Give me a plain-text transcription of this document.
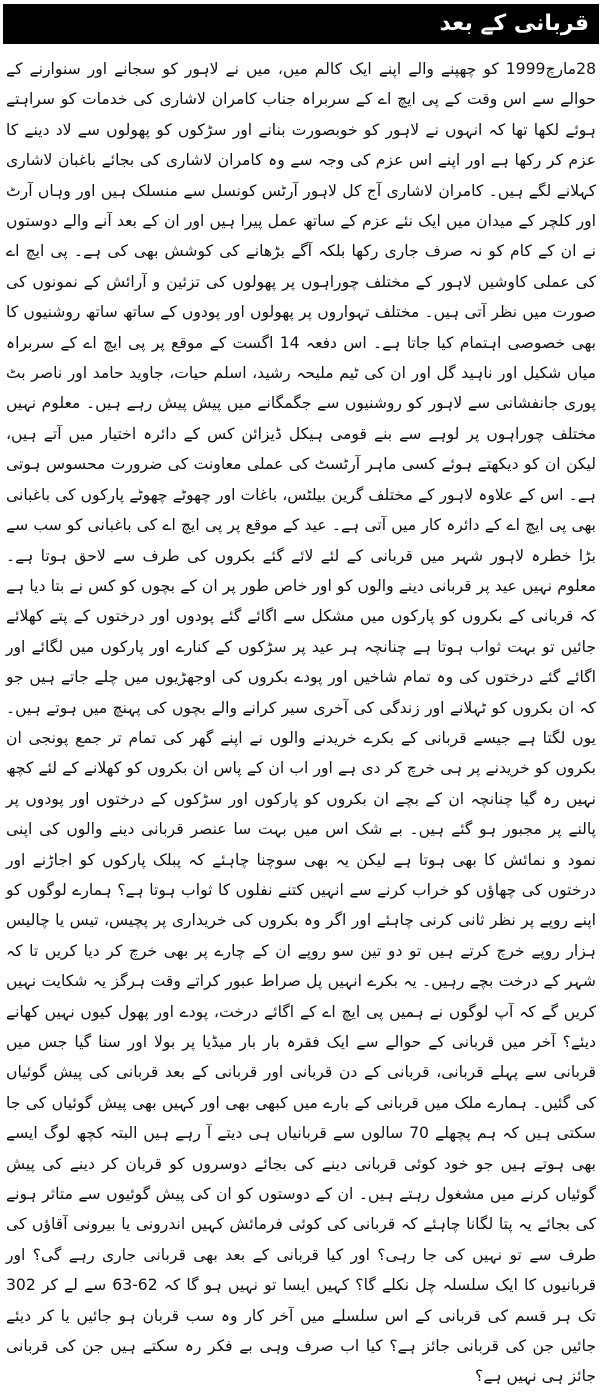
قربانی کے بعد

28مارچ1999 کو چھپنے والے اپنے ایک کالم میں، میں نے لاہور کو سجانے اور سنوارنے کے حوالے سے اس وقت کے پی ایچ اے کے سربراہ جناب کامران لاشاری کی خدمات کو سراہتے ہوئے لکھا تھا کہ انہوں نے لاہور کو خوبصورت بنانے اور سڑکوں کو پھولوں سے لاد دینے کا عزم کر رکھا ہے اور اپنے اس عزم کی وجہ سے وہ کامران لاشاری کی بجائے باغبان لاشاری کہلانے لگے ہیں۔ کامران لاشاری آج کل لاہور آرٹس کونسل سے منسلک ہیں اور وہاں آرٹ اور کلچر کے میدان میں ایک نئے عزم کے ساتھ عمل پیرا ہیں اور ان کے بعد آنے والے دوستوں نے ان کے کام کو نہ صرف جاری رکھا بلکہ آگے بڑھانے کی کوشش بھی کی ہے۔ پی ایچ اے کی عملی کاوشیں لاہور کے مختلف چوراہوں پر پھولوں کی تزئین و آرائش کے نمونوں کی صورت میں نظر آتی ہیں۔ مختلف تہواروں پر پھولوں اور پودوں کے ساتھ ساتھ روشنیوں کا بھی خصوصی اہتمام کیا جاتا ہے۔ اس دفعہ 14 اگست کے موقع پر پی ایچ اے کے سربراہ میاں شکیل اور ناہید گل اور ان کی ٹیم ملیحہ رشید، اسلم حیات، جاوید حامد اور ناصر بٹ پوری جانفشانی سے لاہور کو روشنیوں سے جگمگانے میں پیش پیش رہے ہیں۔ معلوم نہیں مختلف چوراہوں پر لوہے سے بنے قومی ہیکل ڈیزائن کس کے دائرہ اختیار میں آتے ہیں، لیکن ان کو دیکھتے ہوئے کسی ماہر آرٹسٹ کی عملی معاونت کی ضرورت محسوس ہوتی ہے۔ اس کے علاوہ لاہور کے مختلف گرین بیلٹس، باغات اور چھوٹے چھوٹے پارکوں کی باغبانی بھی پی ایچ اے کے دائرہ کار میں آتی ہے۔ عید کے موقع پر پی ایچ اے کی باغبانی کو سب سے بڑا خطرہ لاہور شہر میں قربانی کے لئے لائے گئے بکروں کی طرف سے لاحق ہوتا ہے۔ معلوم نہیں عید پر قربانی دینے والوں کو اور خاص طور پر ان کے بچوں کو کس نے بتا دیا ہے کہ قربانی کے بکروں کو پارکوں میں مشکل سے اگائے گئے پودوں اور درختوں کے پتے کھلائے جائیں تو بہت ثواب ہوتا ہے چنانچہ ہر عید پر سڑکوں کے کنارے اور پارکوں میں لگائے اور اگائے گئے درختوں کی وہ تمام شاخیں اور پودے بکروں کی اوجھڑیوں میں چلے جاتے ہیں جو کہ ان بکروں کو ٹہلانے اور زندگی کی آخری سیر کرانے والے بچوں کی پہنچ میں ہوتے ہیں۔ یوں لگتا ہے جیسے قربانی کے بکرے خریدنے والوں نے اپنے گھر کی تمام تر جمع پونجی ان بکروں کو خریدنے پر ہی خرچ کر دی ہے اور اب ان کے پاس ان بکروں کو کھلانے کے لئے کچھ نہیں رہ گیا چنانچہ ان کے بچے ان بکروں کو پارکوں اور سڑکوں کے درختوں اور پودوں پر پالنے پر مجبور ہو گئے ہیں۔ بے شک اس میں بہت سا عنصر قربانی دینے والوں کی اپنی نمود و نمائش کا بھی ہوتا ہے لیکن یہ بھی سوچنا چاہئے کہ پبلک پارکوں کو اجاڑنے اور درختوں کی چھاؤں کو خراب کرنے سے انہیں کتنے نفلوں کا ثواب ہوتا ہے؟ ہمارے لوگوں کو اپنے روپے پر نظر ثانی کرنی چاہئے اور اگر وہ بکروں کی خریداری پر پچیس، تیس یا چالیس ہزار روپے خرچ کرتے ہیں تو دو تین سو روپے ان کے چارے پر بھی خرچ کر دیا کریں تا کہ شہر کے درخت بچے رہیں۔ یہ بکرے انہیں پل صراط عبور کراتے وقت ہرگز یہ شکایت نہیں کریں گے کہ آپ لوگوں نے ہمیں پی ایچ اے کے اگائے درخت، پودے اور پھول کیوں نہیں کھانے دیئے؟ آخر میں قربانی کے حوالے سے ایک فقرہ بار بار میڈیا پر بولا اور سنا گیا جس میں قربانی سے پہلے قربانی، قربانی کے دن قربانی اور قربانی کے بعد قربانی کی پیش گوئیاں کی گئیں۔ ہمارے ملک میں قربانی کے بارے میں کبھی بھی اور کہیں بھی پیش گوئیاں کی جا سکتی ہیں کہ ہم پچھلے 70 سالوں سے قربانیاں ہی دیتے آ رہے ہیں البتہ کچھ لوگ ایسے بھی ہوتے ہیں جو خود کوئی قربانی دینے کی بجائے دوسروں کو قربان کر دینے کی پیش گوئیاں کرنے میں مشغول رہتے ہیں۔ ان کے دوستوں کو ان کی پیش گوئیوں سے متاثر ہونے کی بجائے یہ پتا لگانا چاہئے کہ قربانی کی کوئی فرمائش کہیں اندرونی یا بیرونی آقاؤں کی طرف سے تو نہیں کی جا رہی؟ اور کیا قربانی کے بعد بھی قربانی جاری رہے گی؟ اور قربانیوں کا ایک سلسلہ چل نکلے گا؟ کہیں ایسا تو نہیں ہو گا کہ 62-63 سے لے کر 302 تک ہر قسم کی قربانی کے اس سلسلے میں آخر کار وہ سب قربان ہو جائیں یا کر دیئے جائیں جن کی قربانی جائز ہے؟ کیا اب صرف وہی بے فکر رہ سکتے ہیں جن کی قربانی جائز ہی نہیں ہے؟
